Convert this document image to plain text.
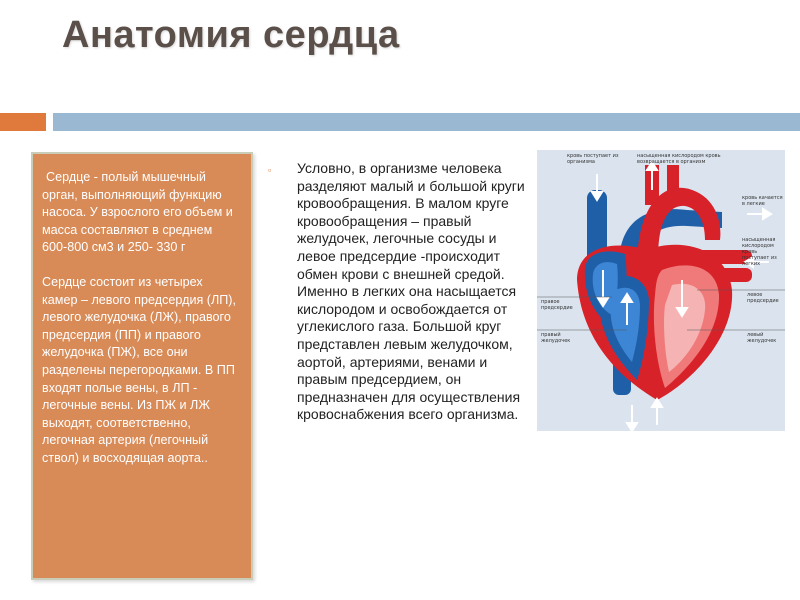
Анатомия сердца

Сердце - полый мышечный орган, выполняющий функцию насоса. У взрослого его объем и масса составляют в среднем 600-800 см3 и 250- 330 г

Сердце состоит из четырех камер – левого предсердия (ЛП), левого желудочка (ЛЖ), правого предсердия (ПП) и правого желудочка (ПЖ), все они разделены перегородками. В ПП входят полые вены, в ЛП - легочные вены. Из ПЖ и ЛЖ выходят, соответственно, легочная артерия (легочный ствол) и восходящая аорта..

▫ Условно, в организме человека разделяют малый и большой круги кровообращения. В малом круге кровообращения – правый желудочек, легочные сосуды и левое предсердие -происходит обмен крови с внешней средой. Именно в легких она насыщается кислородом и освобождается от углекислого газа. Большой круг представлен левым желудочком, аортой, артериями, венами и правым предсердием, он предназначен для осуществления кровоснабжения всего организма.
кровь поступает из организма
насыщенная кислородом кровь возвращается в организм
кровь качается в легкие
насыщенная кислородом кровь поступает из легких
левое предсердие
левый желудочек
правое предсердие
правый желудочек
